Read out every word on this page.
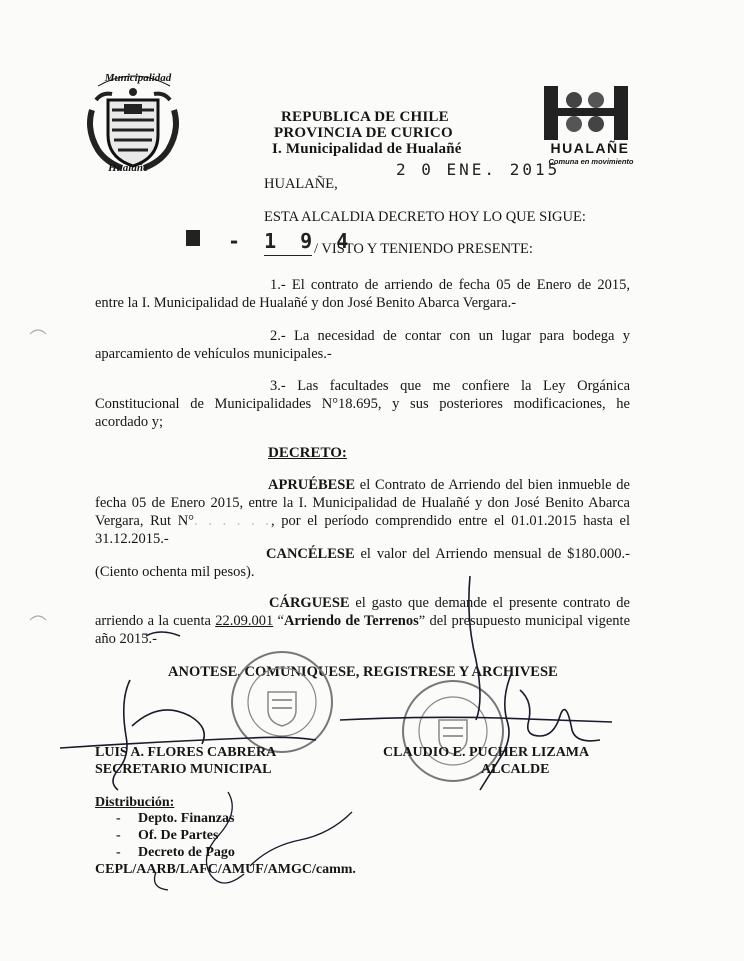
Municipalidad
Hualañé
REPUBLICA DE CHILE
PROVINCIA DE CURICO
I. Municipalidad de Hualañé	HUALAÑE
Comuna en movimiento
2 0 ENE. 2015
HUALAÑE,
ESTA ALCALDIA DECRETO HOY LO QUE SIGUE:
- 1 9 4
/ VISTO Y TENIENDO PRESENTE:
1.- El contrato de arriendo de fecha 05 de Enero de 2015,
entre la I. Municipalidad de Hualañé y don José Benito Abarca Vergara.-
2.- La necesidad de contar con un lugar para bodega y
aparcamiento de vehículos municipales.-
3.- Las facultades que me confiere la Ley Orgánica
Constitucional de Municipalidades N°18.695, y sus posteriores modificaciones, he acordado y;
DECRETO:
APRUÉBESE el Contrato de Arriendo del bien inmueble de
fecha 05 de Enero 2015, entre la I. Municipalidad de Hualañé y don José Benito Abarca
Vergara, Rut N°. . . . . ., por el período comprendido entre el 01.01.2015 hasta el
31.12.2015.-
CANCÉLESE el valor del Arriendo mensual de $180.000.-
(Ciento ochenta mil pesos).
CÁRGUESE el gasto que demande el presente contrato de
arriendo a la cuenta 22.09.001 “Arriendo de Terrenos” del presupuesto municipal vigente
año 2015.-
ANOTESE, COMUNIQUESE, REGISTRESE Y ARCHIVESE
LUIS A. FLORES CABRERA
SECRETARIO MUNICIPAL
CLAUDIO E. PUCHER LIZAMA
ALCALDE
Distribución:
- Depto. Finanzas
- Of. De Partes
- Decreto de Pago
CEPL/AARB/LAFC/AMUF/AMGC/camm.
